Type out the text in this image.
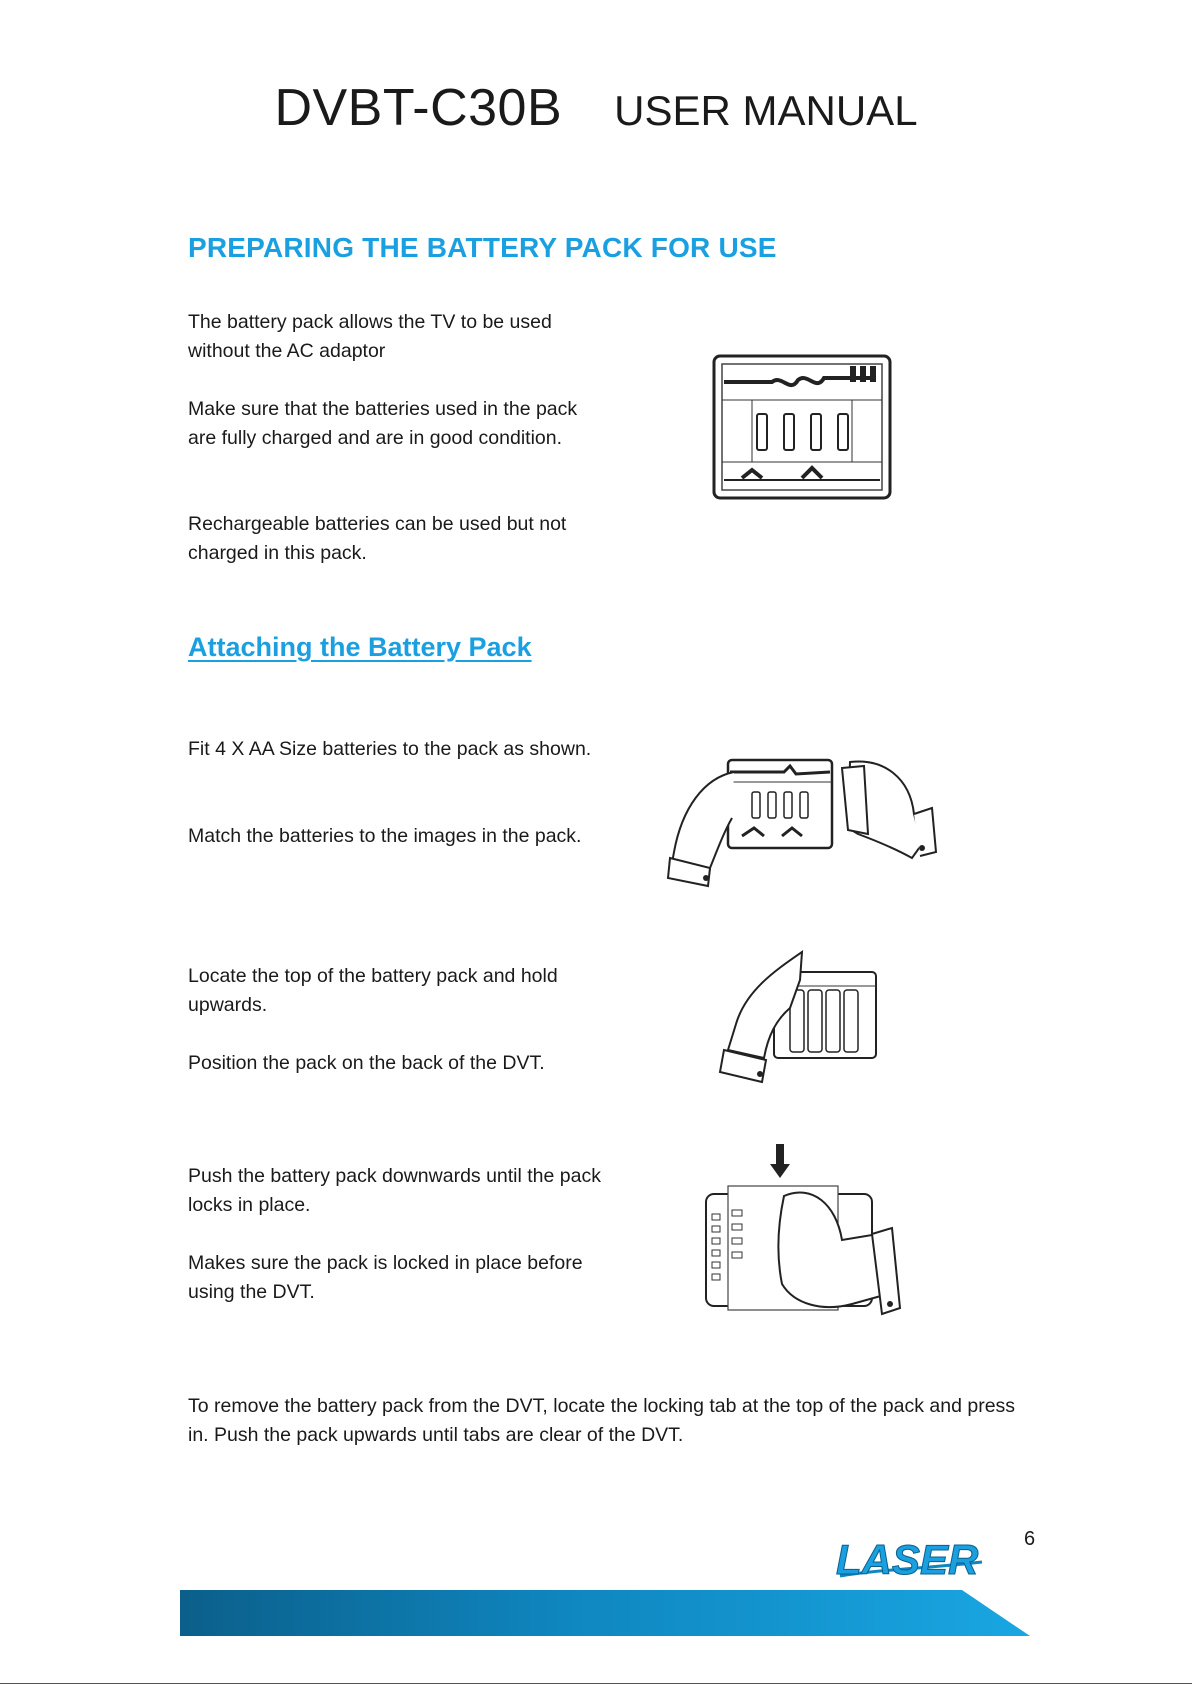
DVBT-C30B USER MANUAL
PREPARING THE BATTERY PACK FOR USE

The battery pack allows the TV to be used without the AC adaptor

Make sure that the batteries used in the pack are fully charged and are in good condition.

Rechargeable batteries can be used but not charged in this pack.

Attaching the Battery Pack

Fit 4 X AA Size batteries to the pack as shown.

Match the batteries to the images in the pack.

Locate the top of the battery pack and hold upwards.

Position the pack on the back of the DVT.

Push the battery pack downwards until the pack locks in place.

Makes sure the pack is locked in place before using the DVT.

To remove the battery pack from the DVT, locate the locking tab at the top of the pack and press in. Push the pack upwards until tabs are clear of the DVT.

6
LASER
